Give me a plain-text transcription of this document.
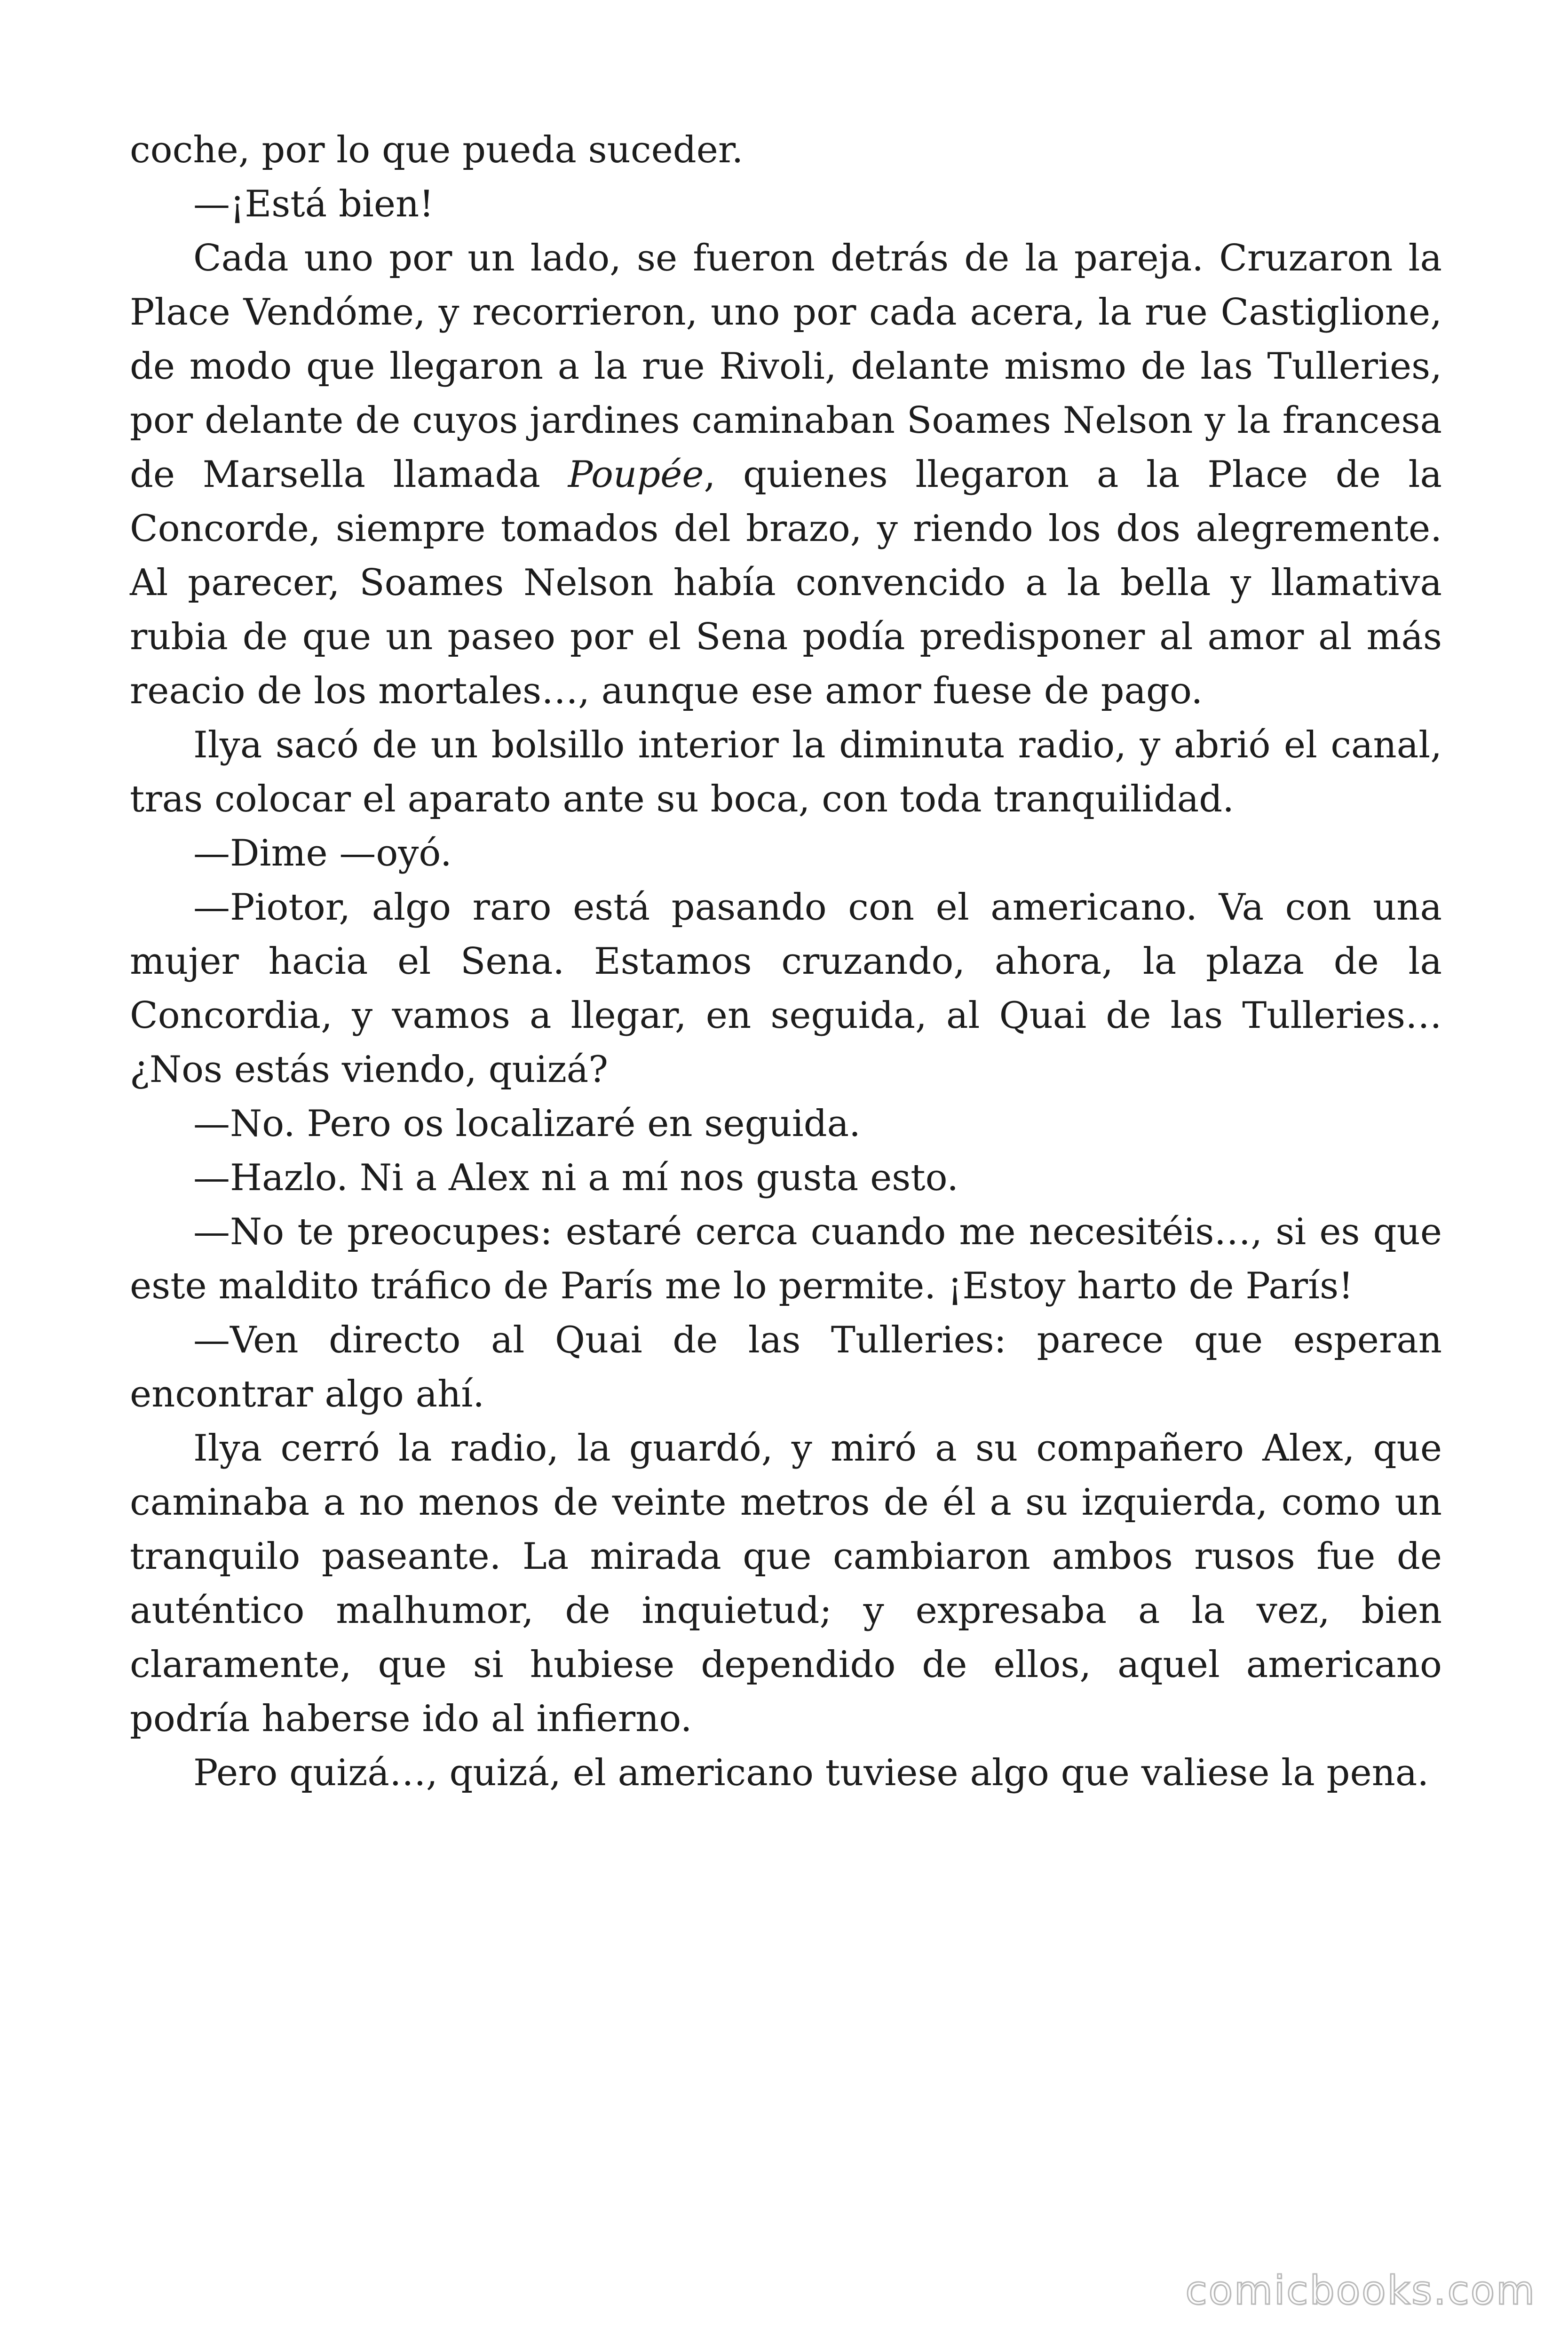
coche, por lo que pueda suceder.

—¡Está bien!

Cada uno por un lado, se fueron detrás de la pareja. Cruzaron la Place Vendóme, y recorrieron, uno por cada acera, la rue Castiglione, de modo que llegaron a la rue Rivoli, delante mismo de las Tulleries, por delante de cuyos jardines caminaban Soames Nelson y la francesa de Marsella llamada Poupée, quienes llegaron a la Place de la Concorde, siempre tomados del brazo, y riendo los dos alegremente. Al parecer, Soames Nelson había convencido a la bella y llamativa rubia de que un paseo por el Sena podía predisponer al amor al más reacio de los mortales…, aunque ese amor fuese de pago.

Ilya sacó de un bolsillo interior la diminuta radio, y abrió el canal, tras colocar el aparato ante su boca, con toda tranquilidad.

—Dime —oyó.

—Piotor, algo raro está pasando con el americano. Va con una mujer hacia el Sena. Estamos cruzando, ahora, la plaza de la Concordia, y vamos a llegar, en seguida, al Quai de las Tulleries… ¿Nos estás viendo, quizá?

—No. Pero os localizaré en seguida.

—Hazlo. Ni a Alex ni a mí nos gusta esto.

—No te preocupes: estaré cerca cuando me necesitéis…, si es que este maldito tráfico de París me lo permite. ¡Estoy harto de París!

—Ven directo al Quai de las Tulleries: parece que esperan encontrar algo ahí.

Ilya cerró la radio, la guardó, y miró a su compañero Alex, que caminaba a no menos de veinte metros de él a su izquierda, como un tranquilo paseante. La mirada que cambiaron ambos rusos fue de auténtico malhumor, de inquietud; y expresaba a la vez, bien claramente, que si hubiese dependido de ellos, aquel americano podría haberse ido al infierno.

Pero quizá…, quizá, el americano tuviese algo que valiese la pena.

comicbooks.com
